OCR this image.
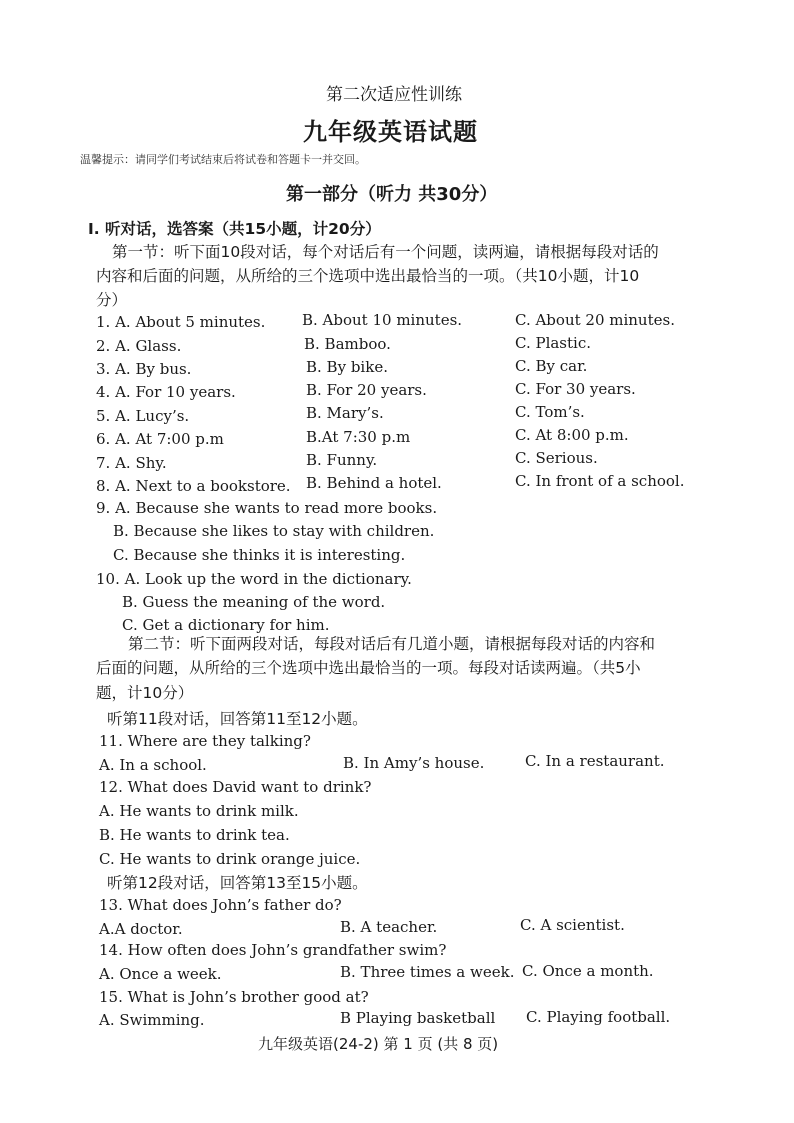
第二次适应性训练
九年级英语试题
温馨提示：请同学们考试结束后将试卷和答题卡一并交回。
第一部分（听力 共30分）
I. 听对话，选答案（共15小题，计20分）
第一节：听下面10段对话，每个对话后有一个问题，读两遍，请根据每段对话的
内容和后面的问题，从所给的三个选项中选出最恰当的一项。（共10小题，计10
分）
1. A. About 5 minutes. B. About 10 minutes.	C. About 20 minutes.
2. A. Glass.	B. Bamboo.	C. Plastic.
3. A. By bus.	B. By bike.	C. By car.
4. A. For 10 years.	B. For 20 years.	C. For 30 years.
5. A. Lucy’s.	B. Mary’s.	C. Tom’s.
6. A. At 7:00 p.m	B.At 7:30 p.m	C. At 8:00 p.m.
7. A. Shy.	B. Funny.	C. Serious.
8. A. Next to a bookstore. B. Behind a hotel.	C. In front of a school.
9. A. Because she wants to read more books.
B. Because she likes to stay with children.
C. Because she thinks it is interesting.
10. A. Look up the word in the dictionary.
B. Guess the meaning of the word.
C. Get a dictionary for him.
第二节：听下面两段对话，每段对话后有几道小题，请根据每段对话的内容和
后面的问题，从所给的三个选项中选出最恰当的一项。每段对话读两遍。（共5小
题，计10分）
听第11段对话，回答第11至12小题。
11. Where are they talking?
A. In a school.	B. In Amy’s house.	C. In a restaurant.
12. What does David want to drink?
A. He wants to drink milk.
B. He wants to drink tea.
C. He wants to drink orange juice.
听第12段对话，回答第13至15小题。
13. What does John’s father do?
A.A doctor.	B. A teacher.	C. A scientist.
14. How often does John’s grandfather swim?
A. Once a week.	B. Three times a week. C. Once a month.
15. What is John’s brother good at?
A. Swimming.	B Playing basketball C. Playing football.
九年级英语(24-2) 第 1 页 (共 8 页)
